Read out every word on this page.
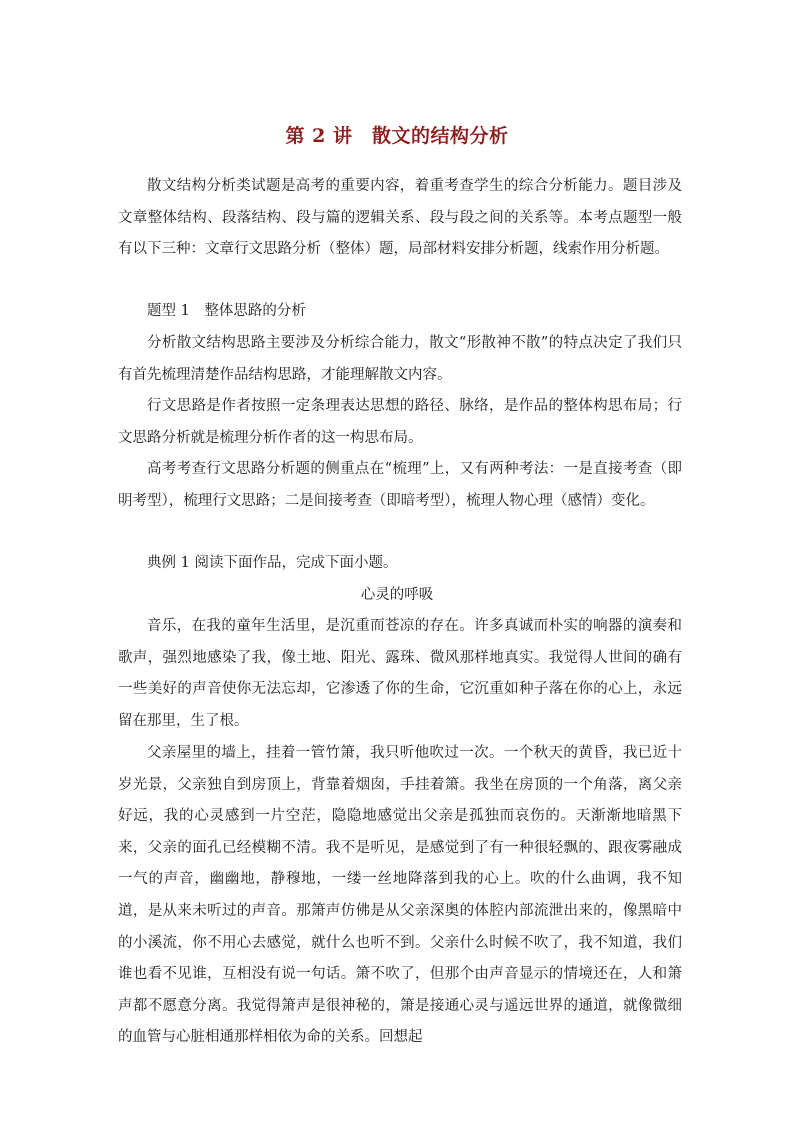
第 2 讲　散文的结构分析

散文结构分析类试题是高考的重要内容，着重考查学生的综合分析能力。题目涉及文章整体结构、段落结构、段与篇的逻辑关系、段与段之间的关系等。本考点题型一般有以下三种：文章行文思路分析（整体）题，局部材料安排分析题，线索作用分析题。

题型 1　整体思路的分析

分析散文结构思路主要涉及分析综合能力，散文“形散神不散”的特点决定了我们只有首先梳理清楚作品结构思路，才能理解散文内容。

行文思路是作者按照一定条理表达思想的路径、脉络，是作品的整体构思布局；行文思路分析就是梳理分析作者的这一构思布局。

高考考查行文思路分析题的侧重点在“梳理”上，又有两种考法：一是直接考查（即明考型），梳理行文思路；二是间接考查（即暗考型），梳理人物心理（感情）变化。

典例 1 阅读下面作品，完成下面小题。

心灵的呼吸

音乐，在我的童年生活里，是沉重而苍凉的存在。许多真诚而朴实的响器的演奏和歌声，强烈地感染了我，像土地、阳光、露珠、微风那样地真实。我觉得人世间的确有一些美好的声音使你无法忘却，它渗透了你的生命，它沉重如种子落在你的心上，永远留在那里，生了根。

父亲屋里的墙上，挂着一管竹箫，我只听他吹过一次。一个秋天的黄昏，我已近十岁光景，父亲独自到房顶上，背靠着烟囱，手挂着箫。我坐在房顶的一个角落，离父亲好远，我的心灵感到一片空茫，隐隐地感觉出父亲是孤独而哀伤的。天渐渐地暗黑下来，父亲的面孔已经模糊不清。我不是听见，是感觉到了有一种很轻飘的、跟夜雾融成一气的声音，幽幽地，静穆地，一缕一丝地降落到我的心上。吹的什么曲调，我不知道，是从来未听过的声音。那箫声仿佛是从父亲深奥的体腔内部流泄出来的，像黑暗中的小溪流，你不用心去感觉，就什么也听不到。父亲什么时候不吹了，我不知道，我们谁也看不见谁，互相没有说一句话。箫不吹了，但那个由声音显示的情境还在，人和箫声都不愿意分离。我觉得箫声是很神秘的，箫是接通心灵与遥远世界的通道，就像微细的血管与心脏相通那样相依为命的关系。回想起
